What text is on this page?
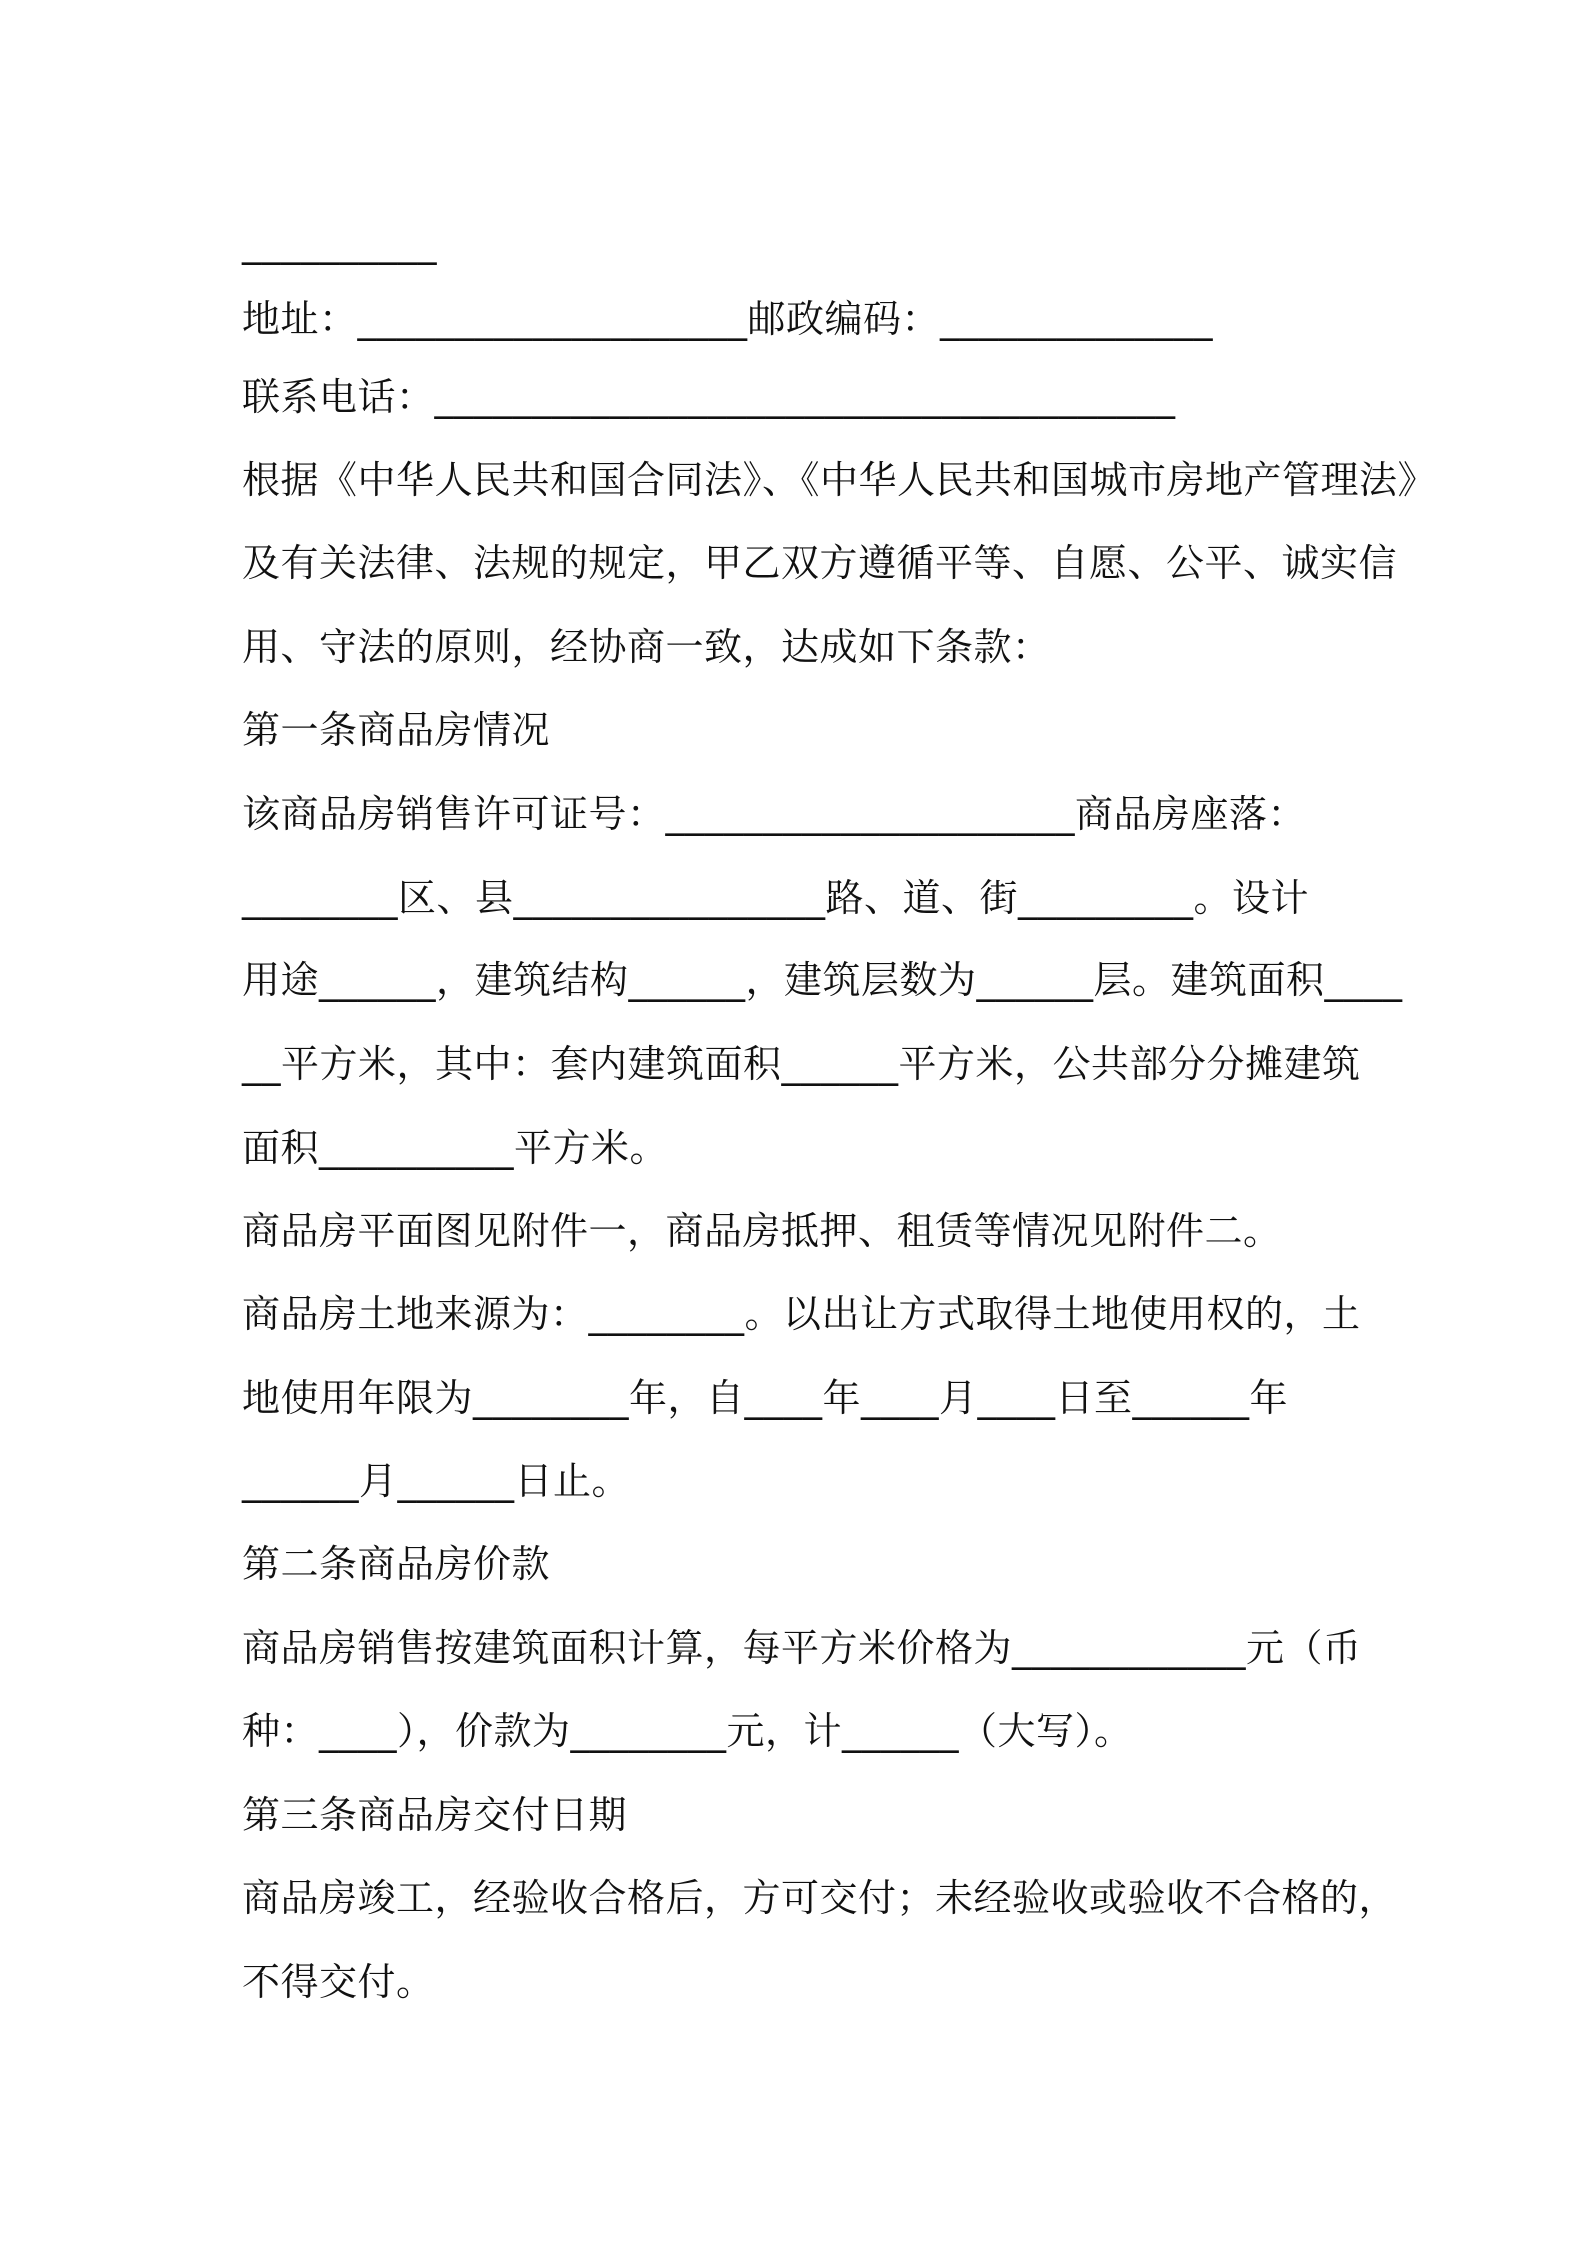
__________
地址：____________________邮政编码：______________
联系电话：______________________________________
根据《中华人民共和国合同法》、《中华人民共和国城市房地产管理法》
及有关法律、法规的规定，甲乙双方遵循平等、自愿、公平、诚实信
用、守法的原则，经协商一致，达成如下条款：
第一条商品房情况
该商品房销售许可证号：_____________________商品房座落：
________区、县________________路、道、街_________。设计
用途______，建筑结构______，建筑层数为______层。建筑面积____
__平方米，其中：套内建筑面积______平方米，公共部分分摊建筑
面积__________平方米。
商品房平面图见附件一，商品房抵押、租赁等情况见附件二。
商品房土地来源为：________。以出让方式取得土地使用权的，土
地使用年限为________年，自____年____月____日至______年
______月______日止。
第二条商品房价款
商品房销售按建筑面积计算，每平方米价格为____________元（币
种：____），价款为________元，计______（大写）。
第三条商品房交付日期
商品房竣工，经验收合格后，方可交付；未经验收或验收不合格的，
不得交付。
